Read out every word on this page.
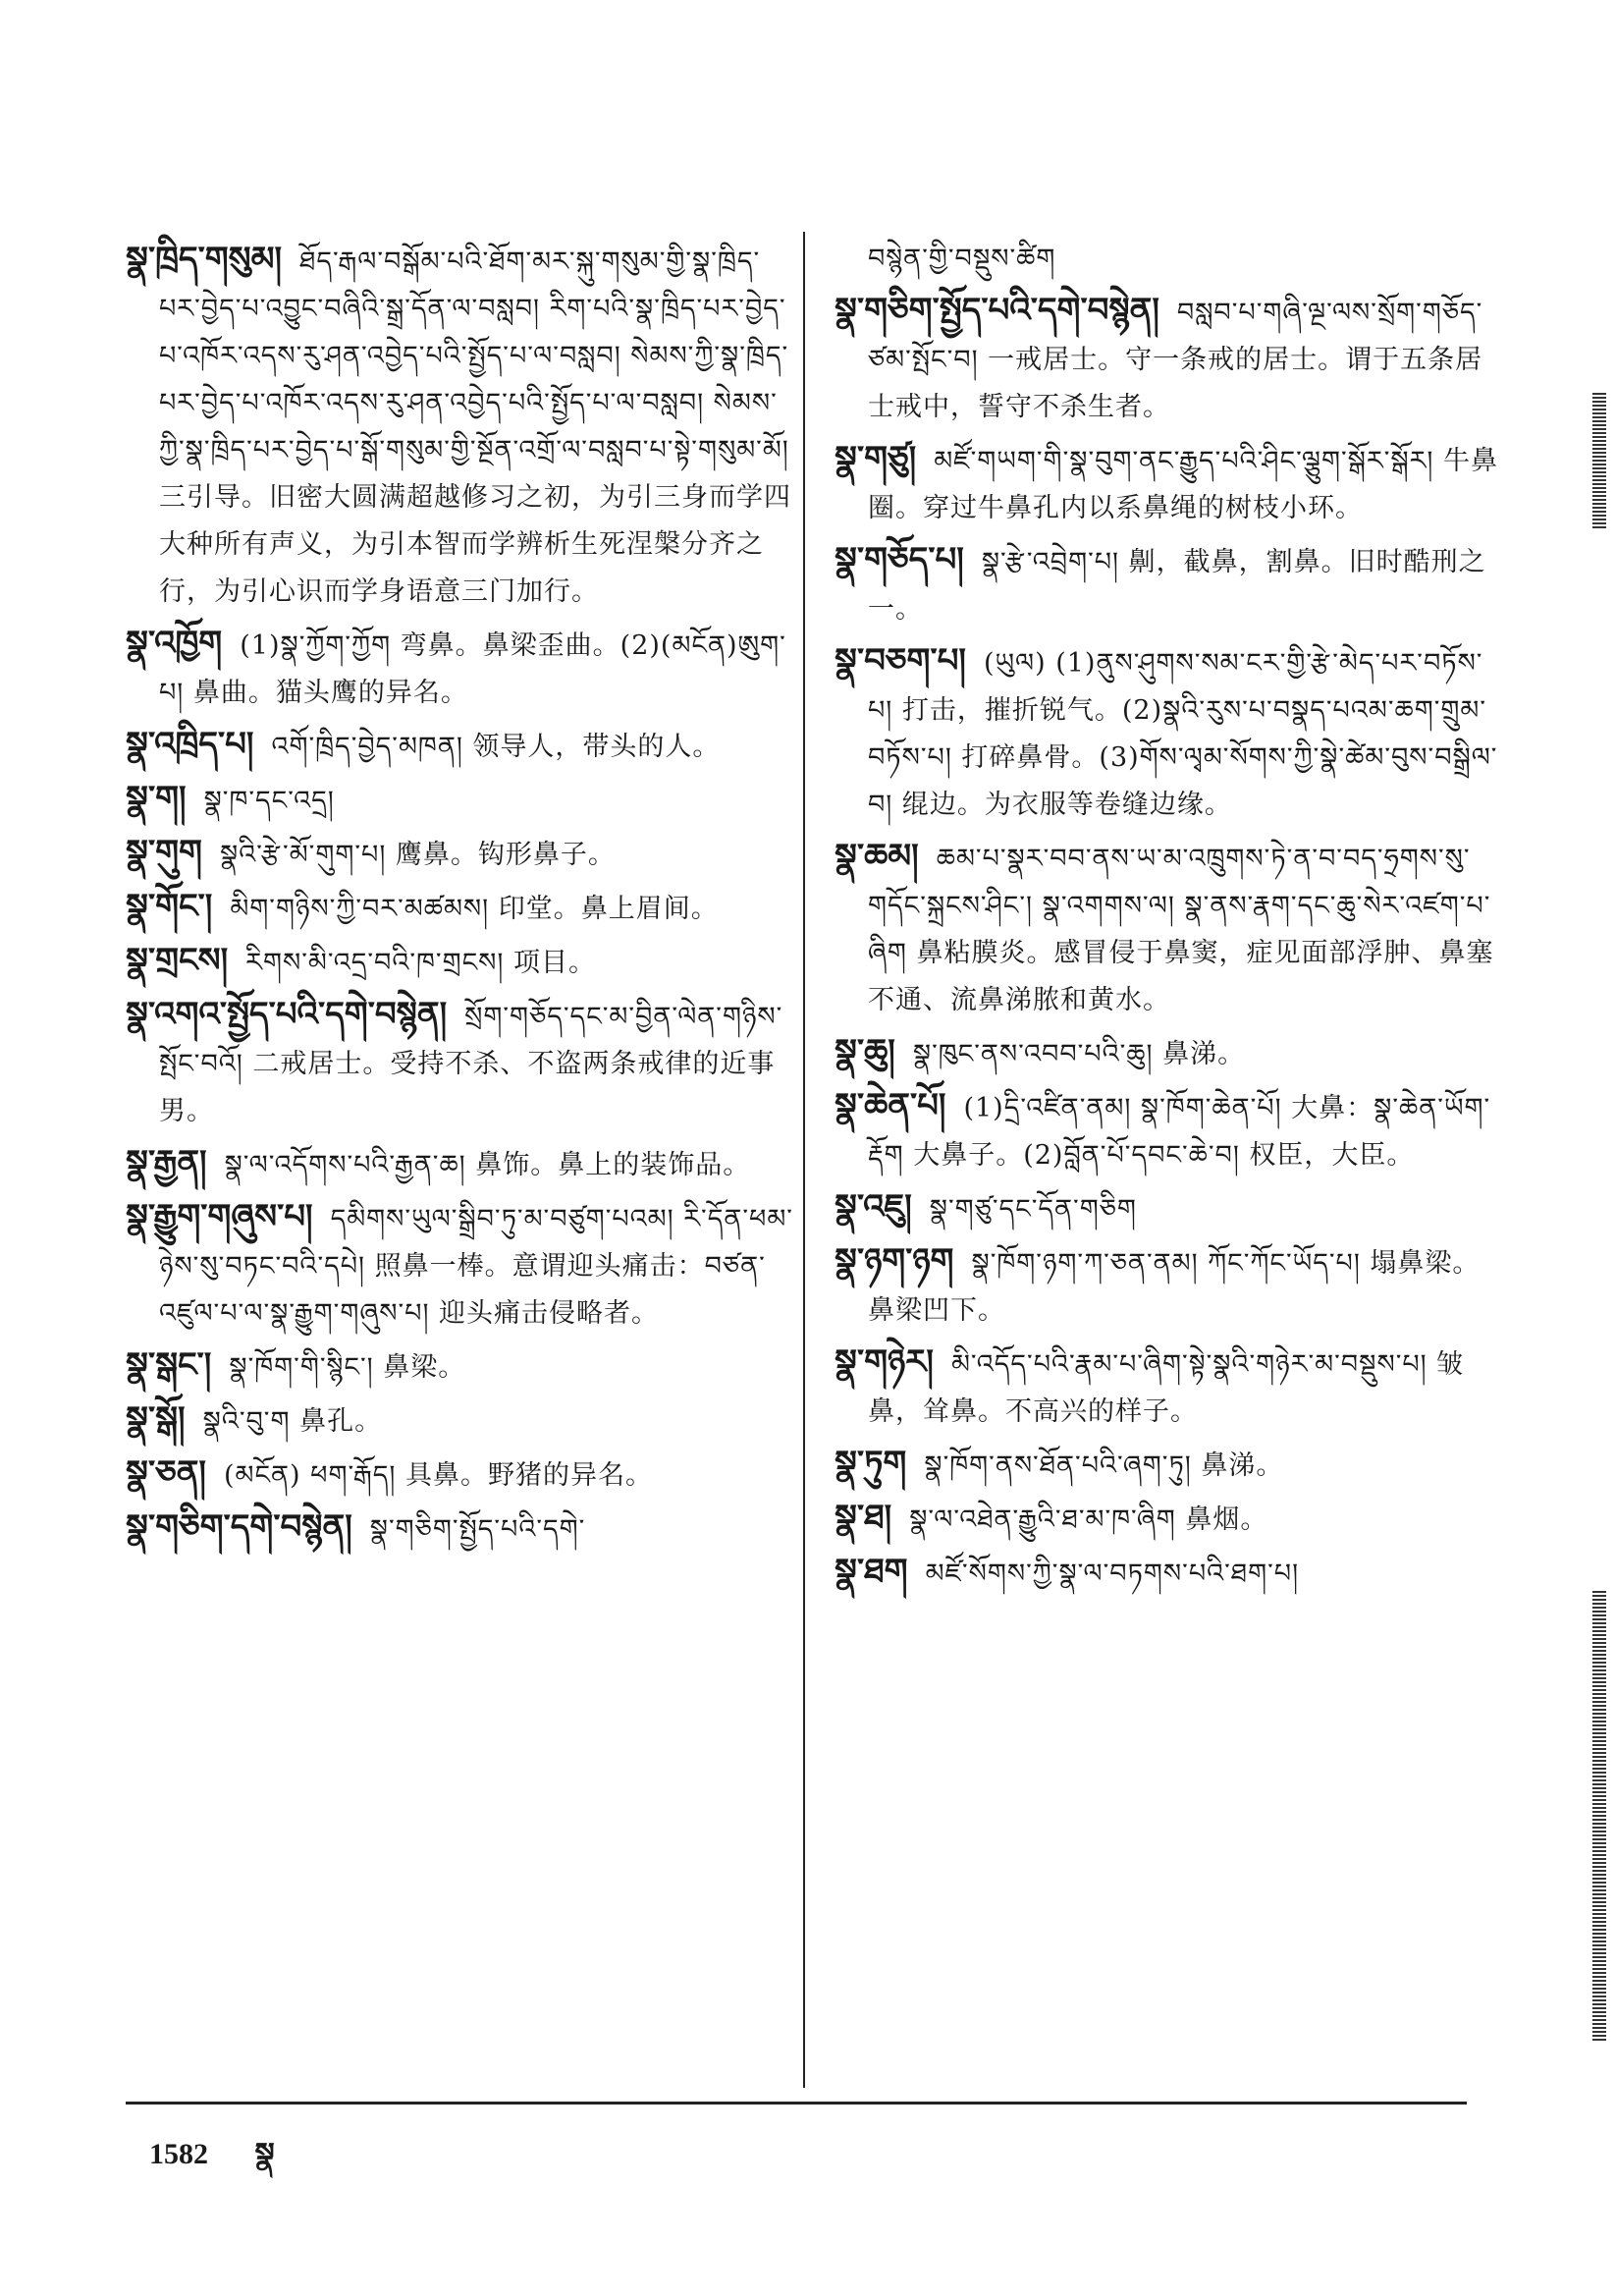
སྣ་ཁྲིད་གསུམ། ཐོད་རྒལ་བསྒོམ་པའི་ཐོག་མར་སྐུ་གསུམ་གྱི་སྣ་ཁྲིད་པར་བྱེད་པ་འབྱུང་བཞིའི་སྒྲ་དོན་ལ་བསླབ། རིག་པའི་སྣ་ཁྲིད་པར་བྱེད་པ་འཁོར་འདས་རུ་ཤན་འབྱེད་པའི་སྤྱོད་པ་ལ་བསླབ། སེམས་ཀྱི་སྣ་ཁྲིད་པར་བྱེད་པ་འཁོར་འདས་རུ་ཤན་འབྱེད་པའི་སྤྱོད་པ་ལ་བསླབ། སེམས་ཀྱི་སྣ་ཁྲིད་པར་བྱེད་པ་སྒོ་གསུམ་གྱི་སྔོན་འགྲོ་ལ་བསླབ་པ་སྟེ་གསུམ་མོ། 三引导。旧密大圆满超越修习之初，为引三身而学四大种所有声义，为引本智而学辨析生死涅槃分齐之行，为引心识而学身语意三门加行。
སྣ་འཁྱོག (1)སྣ་ཀྱོག་ཀྱོག 弯鼻。鼻梁歪曲。(2)(མངོན)ཨུག་པ། 鼻曲。猫头鹰的异名。
སྣ་འཁྲིད་པ། འགོ་ཁྲིད་བྱེད་མཁན། 领导人，带头的人。
སྣ་ག། སྣ་ཁ་དང་འདྲ།
སྣ་གུག སྣའི་རྩེ་མོ་གུག་པ། 鹰鼻。钩形鼻子。
སྣ་གོང་། མིག་གཉིས་ཀྱི་བར་མཚམས། 印堂。鼻上眉间。
སྣ་གྲངས། རིགས་མི་འདྲ་བའི་ཁ་གྲངས། 项目。
སྣ་འགའ་སྤྱོད་པའི་དགེ་བསྙེན། སྲོག་གཅོད་དང་མ་བྱིན་ལེན་གཉིས་སྤོང་བའོ། 二戒居士。受持不杀、不盗两条戒律的近事男。
སྣ་རྒྱན། སྣ་ལ་འདོགས་པའི་རྒྱན་ཆ། 鼻饰。鼻上的装饰品。
སྣ་རྒྱུག་གཞུས་པ། དམིགས་ཡུལ་སྒྲིབ་ཏུ་མ་བཙུག་པའམ། རི་དོན་ཕམ་ཉེས་སུ་བཏང་བའི་དཔེ། 照鼻一棒。意谓迎头痛击：བཙན་འཛུལ་པ་ལ་སྣ་རྒྱུག་གཞུས་པ། 迎头痛击侵略者。
སྣ་སྒང་། སྣ་ཁོག་གི་སྙིང་། 鼻梁。
སྣ་སྒོ། སྣའི་བུ་ག 鼻孔。
སྣ་ཅན། (མངོན) ཕག་རྒོད། 具鼻。野猪的异名。
སྣ་གཅིག་དགེ་བསྙེན། སྣ་གཅིག་སྤྱོད་པའི་དགེ་
བསྙེན་གྱི་བསྡུས་ཚིག
སྣ་གཅིག་སྤྱོད་པའི་དགེ་བསྙེན། བསླབ་པ་གཞི་ལྔ་ལས་སྲོག་གཅོད་ཙམ་སྤོང་བ། 一戒居士。守一条戒的居士。谓于五条居士戒中，誓守不杀生者。
སྣ་གཙུ། མཛོ་གཡག་གི་སྣ་བུག་ནང་རྒྱུད་པའི་ཤིང་ལྕུག་སྒོར་སྒོར། 牛鼻圈。穿过牛鼻孔内以系鼻绳的树枝小环。
སྣ་གཅོད་པ། སྣ་རྩེ་འབྲེག་པ། 劓，截鼻，割鼻。旧时酷刑之一。
སྣ་བཅག་པ། (ཡུལ) (1)ནུས་ཤུགས་སམ་ངར་གྱི་རྩེ་མེད་པར་བཏོས་པ། 打击，摧折锐气。(2)སྣའི་རུས་པ་བསྣད་པའམ་ཆག་གྲུམ་བཏོས་པ། 打碎鼻骨。(3)གོས་ལྭམ་སོགས་ཀྱི་སྣེ་ཚེམ་བུས་བསྒྲིལ་བ། 绲边。为衣服等卷缝边缘。
སྣ་ཆམ། ཆམ་པ་སྣར་བབ་ནས་ཡ་མ་འཁྲུགས་ཏེ་ན་བ་བད་ཧྲགས་སུ་གདོང་སྐྲངས་ཤིང་། སྣ་འགགས་ལ། སྣ་ནས་རྣག་དང་ཆུ་སེར་འཛག་པ་ཞིག 鼻粘膜炎。感冒侵于鼻窦，症见面部浮肿、鼻塞不通、流鼻涕脓和黄水。
སྣ་ཆུ། སྣ་ཁུང་ནས་འབབ་པའི་ཆུ། 鼻涕。
སྣ་ཆེན་པོ། (1)དྲི་འཛིན་ནམ། སྣ་ཁོག་ཆེན་པོ། 大鼻：སྣ་ཆེན་ཡོག་རྡོག 大鼻子。(2)བློན་པོ་དབང་ཆེ་བ། 权臣，大臣。
སྣ་འཇུ། སྣ་གཙུ་དང་དོན་གཅིག
སྣ་ཉག་ཉག སྣ་ཁོག་ཉག་ཀ་ཅན་ནམ། ཀོང་ཀོང་ཡོད་པ། 塌鼻梁。鼻梁凹下。
སྣ་གཉེར། མི་འདོད་པའི་རྣམ་པ་ཞིག་སྟེ་སྣའི་གཉེར་མ་བསྡུས་པ། 皱鼻，耸鼻。不高兴的样子。
སྣ་ཏུག སྣ་ཁོག་ནས་ཐོན་པའི་ཞག་ཏུ། 鼻涕。
སྣ་ཐ། སྣ་ལ་འཐེན་རྒྱུའི་ཐ་མ་ཁ་ཞིག 鼻烟。
སྣ་ཐག མཛོ་སོགས་ཀྱི་སྣ་ལ་བཏགས་པའི་ཐག་པ།
1582 སྣ
